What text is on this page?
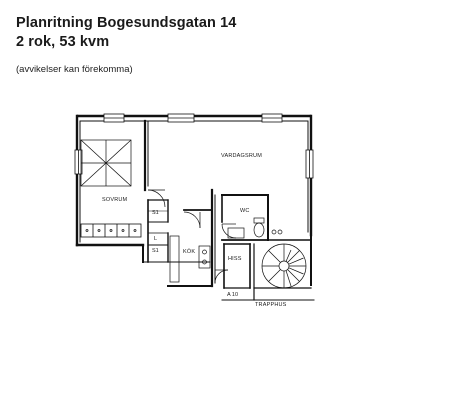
Planritning Bogesundsgatan 14
2 rok, 53 kvm
(avvikelser kan förekomma)
SOVRUM
VARDAGSRUM
KÖK
WC
HISS
TRAPPHUS
S1
L
S1
A 10
